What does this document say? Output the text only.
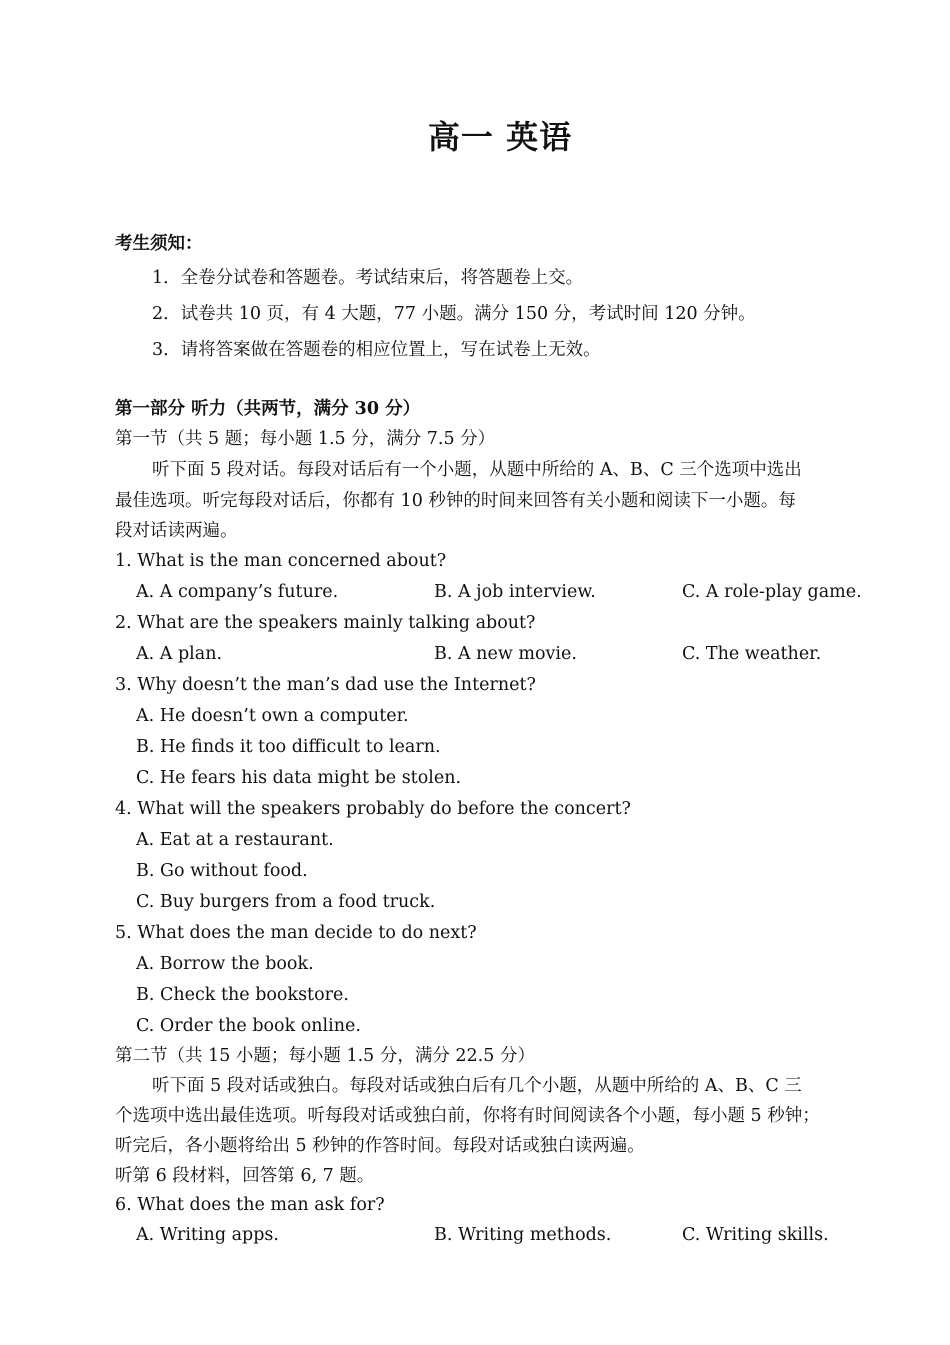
高一 英语
考生须知：
1．全卷分试卷和答题卷。考试结束后，将答题卷上交。
2．试卷共 10 页，有 4 大题，77 小题。满分 150 分，考试时间 120 分钟。
3．请将答案做在答题卷的相应位置上，写在试卷上无效。
第一部分 听力（共两节，满分 30 分）
第一节（共 5 题；每小题 1.5 分，满分 7.5 分）
听下面 5 段对话。每段对话后有一个小题，从题中所给的 A、B、C 三个选项中选出
最佳选项。听完每段对话后，你都有 10 秒钟的时间来回答有关小题和阅读下一小题。每
段对话读两遍。
1. What is the man concerned about?
A. A company’s future.	B. A job interview.	C. A role-play game.
2. What are the speakers mainly talking about?
A. A plan.	B. A new movie.	C. The weather.
3. Why doesn’t the man’s dad use the Internet?
A. He doesn’t own a computer.
B. He finds it too difficult to learn.
C. He fears his data might be stolen.
4. What will the speakers probably do before the concert?
A. Eat at a restaurant.
B. Go without food.
C. Buy burgers from a food truck.
5. What does the man decide to do next?
A. Borrow the book.
B. Check the bookstore.
C. Order the book online.
第二节（共 15 小题；每小题 1.5 分，满分 22.5 分）
听下面 5 段对话或独白。每段对话或独白后有几个小题，从题中所给的 A、B、C 三
个选项中选出最佳选项。听每段对话或独白前，你将有时间阅读各个小题，每小题 5 秒钟；
听完后，各小题将给出 5 秒钟的作答时间。每段对话或独白读两遍。
听第 6 段材料，回答第 6, 7 题。
6. What does the man ask for?
A. Writing apps.	B. Writing methods.	C. Writing skills.
